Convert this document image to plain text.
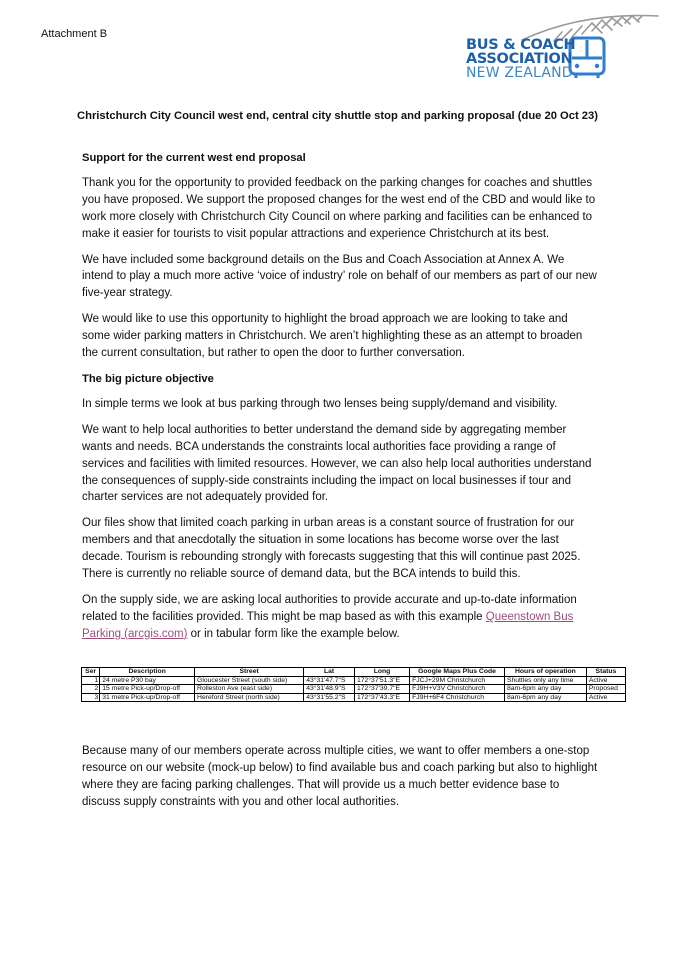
Attachment B
BUS & COACH
ASSOCIATION
NEW ZEALAND
Christchurch City Council west end, central city shuttle stop and parking proposal (due 20 Oct 23)
Support for the current west end proposal

Thank you for the opportunity to provided feedback on the parking changes for coaches and shuttles you have proposed. We support the proposed changes for the west end of the CBD and would like to work more closely with Christchurch City Council on where parking and facilities can be enhanced to make it easier for tourists to visit popular attractions and experience Christchurch at its best.

We have included some background details on the Bus and Coach Association at Annex A. We intend to play a much more active ‘voice of industry’ role on behalf of our members as part of our new five-year strategy.

We would like to use this opportunity to highlight the broad approach we are looking to take and some wider parking matters in Christchurch. We aren’t highlighting these as an attempt to broaden the current consultation, but rather to open the door to further conversation.

The big picture objective

In simple terms we look at bus parking through two lenses being supply/demand and visibility.

We want to help local authorities to better understand the demand side by aggregating member wants and needs. BCA understands the constraints local authorities face providing a range of services and facilities with limited resources. However, we can also help local authorities understand the consequences of supply-side constraints including the impact on local businesses if tour and charter services are not adequately provided for.

Our files show that limited coach parking in urban areas is a constant source of frustration for our members and that anecdotally the situation in some locations has become worse over the last decade. Tourism is rebounding strongly with forecasts suggesting that this will continue past 2025. There is currently no reliable source of demand data, but the BCA intends to build this.

On the supply side, we are asking local authorities to provide accurate and up-to-date information related to the facilities provided. This might be map based as with this example Queenstown Bus Parking (arcgis.com) or in tabular form like the example below.

Ser	Description	Street	Lat	Long	Google Maps Plus Code	Hours of operation	Status
1	24 metre P30 bay	Gloucester Street (south side)	43°31'47.7"S	172°37'51.3"E	FJCJ+29M Christchurch	Shuttles only any time	Active
2	15 metre Pick-up/Drop-off	Rolleston Ave (east side)	43°31'48.9"S	172°37'39.7"E	FJ9H+V3V Christchurch	8am-6pm any day	Proposed
3	31 metre Pick-up/Drop-off	Hereford Street (north side)	43°31'55.2"S	172°37'43.3"E	FJ9H+6F4 Christchurch	8am-6pm any day	Active

Because many of our members operate across multiple cities, we want to offer members a one-stop resource on our website (mock-up below) to find available bus and coach parking but also to highlight where they are facing parking challenges. That will provide us a much better evidence base to discuss supply constraints with you and other local authorities.
